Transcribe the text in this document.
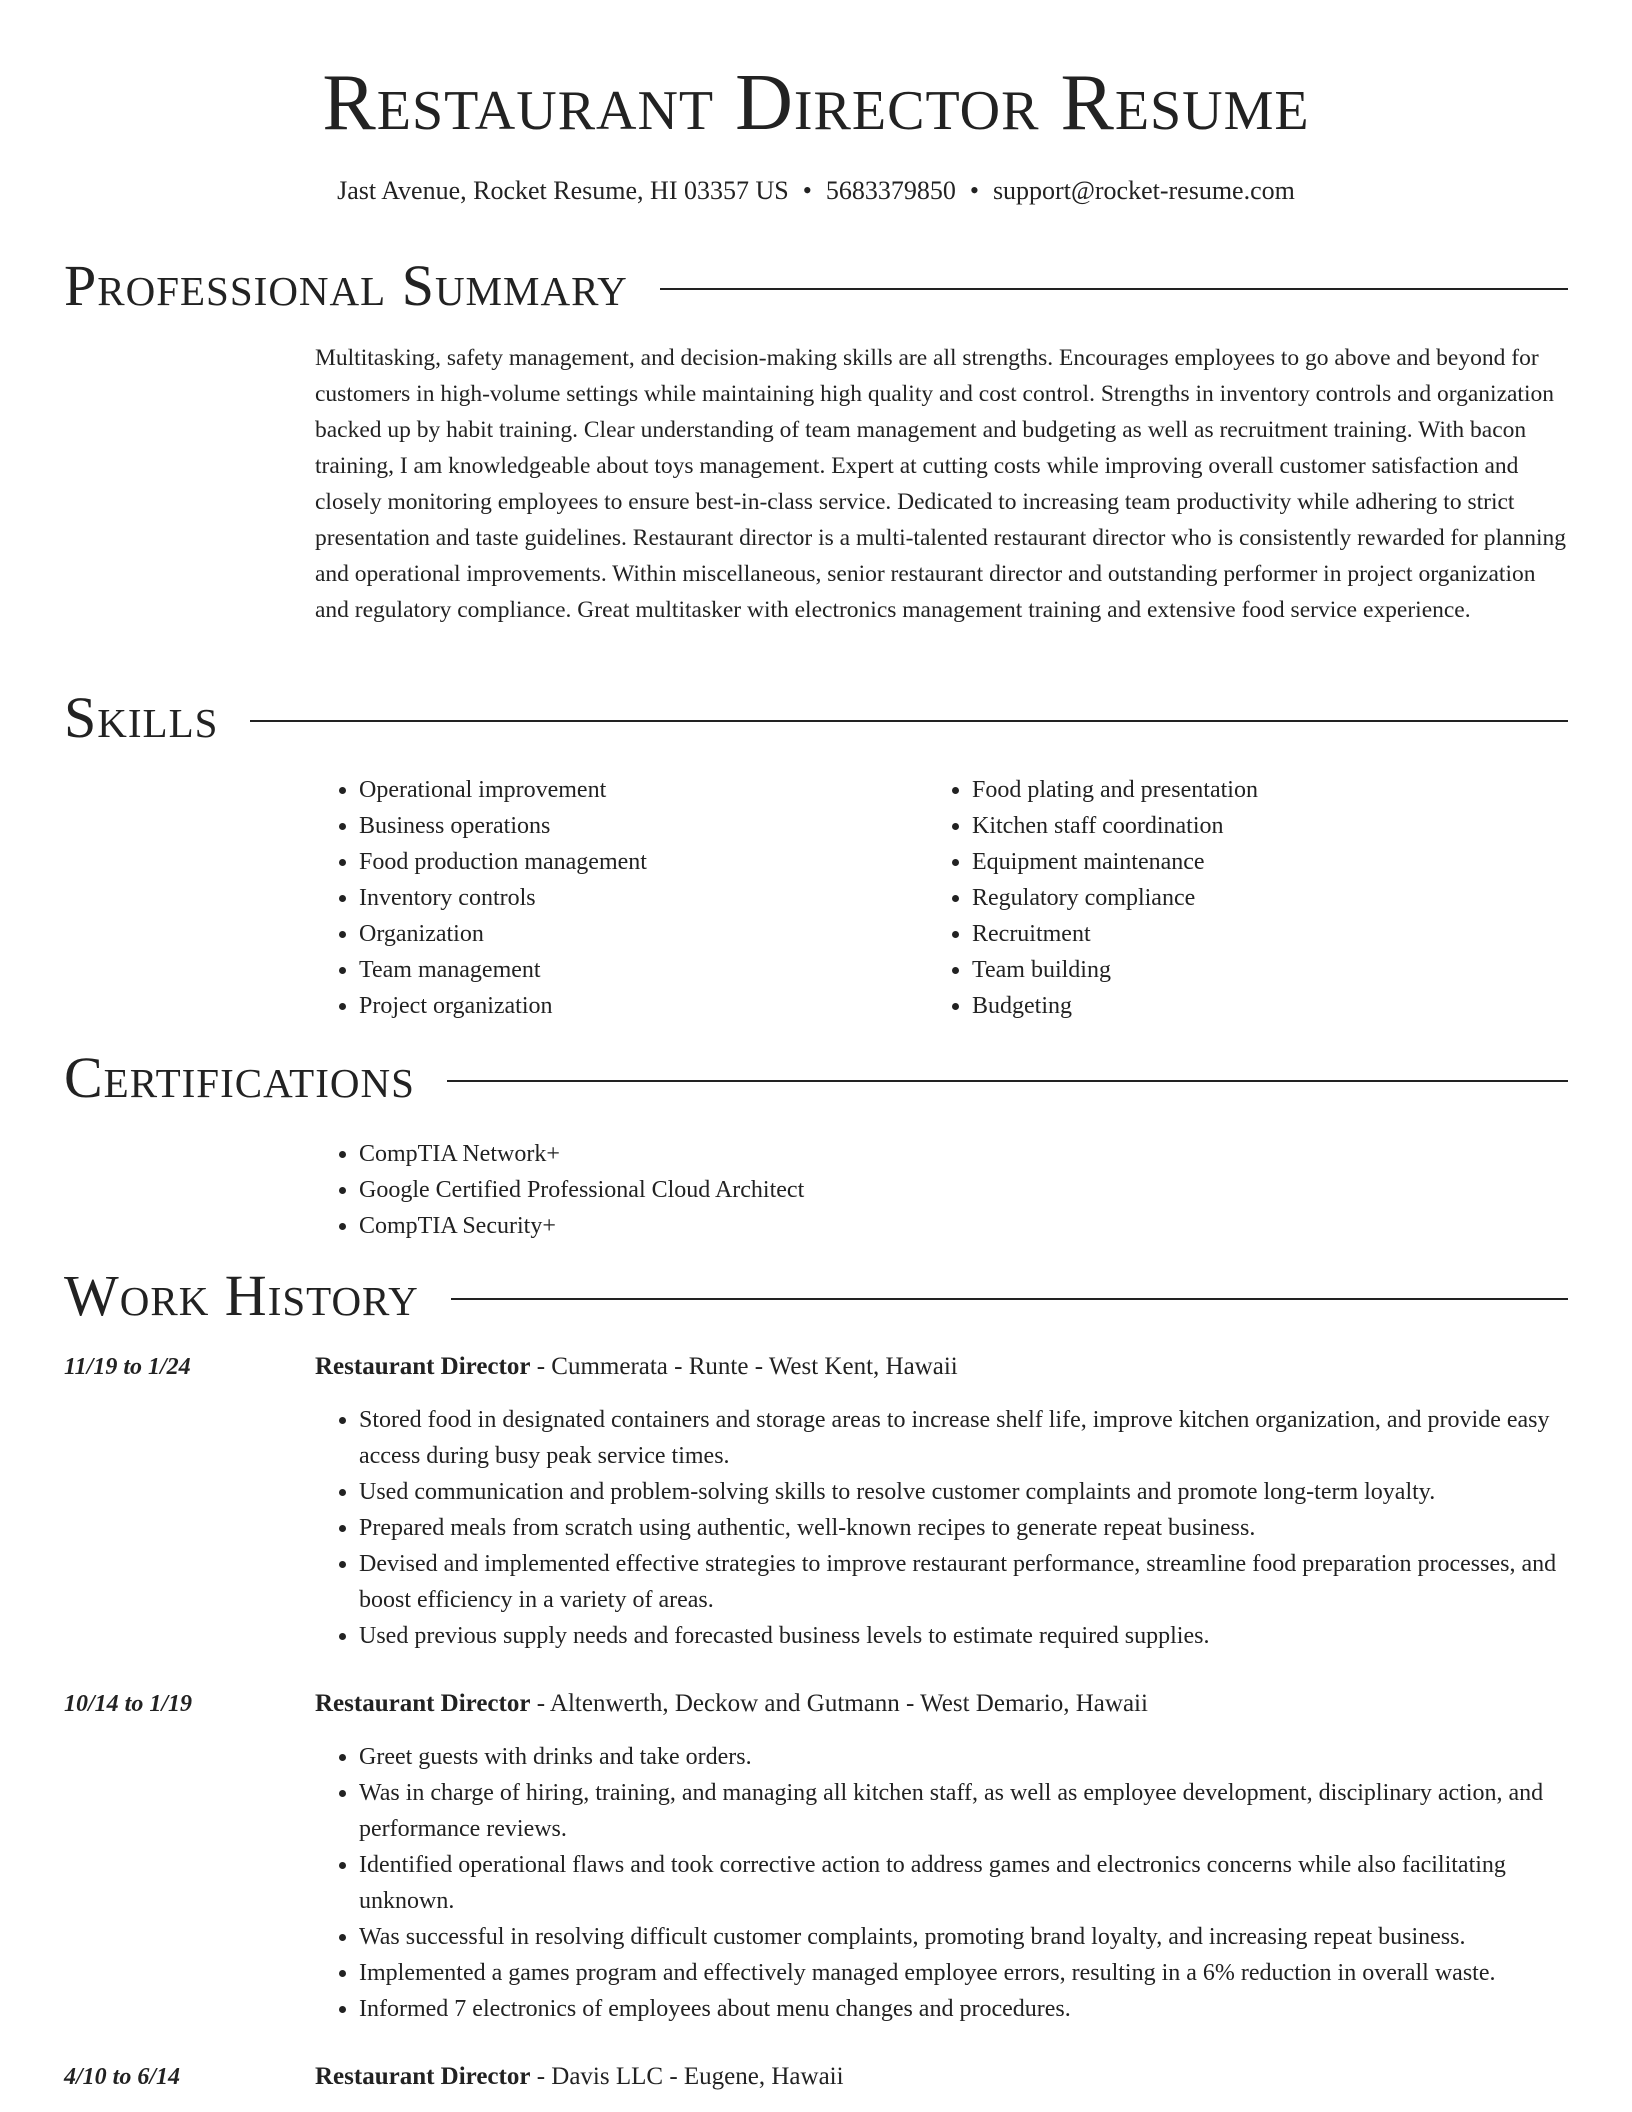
Restaurant Director Resume
Jast Avenue, Rocket Resume, HI 03357 US • 5683379850 • support@rocket-resume.com
Professional Summary

Multitasking, safety management, and decision-making skills are all strengths. Encourages employees to go above and beyond for customers in high-volume settings while maintaining high quality and cost control. Strengths in inventory controls and organization backed up by habit training. Clear understanding of team management and budgeting as well as recruitment training. With bacon training, I am knowledgeable about toys management. Expert at cutting costs while improving overall customer satisfaction and closely monitoring employees to ensure best-in-class service. Dedicated to increasing team productivity while adhering to strict presentation and taste guidelines. Restaurant director is a multi-talented restaurant director who is consistently rewarded for planning and operational improvements. Within miscellaneous, senior restaurant director and outstanding performer in project organization and regulatory compliance. Great multitasker with electronics management training and extensive food service experience.

Skills
• Operational improvement
• Business operations
• Food production management
• Inventory controls
• Organization
• Team management
• Project organization
• Food plating and presentation
• Kitchen staff coordination
• Equipment maintenance
• Regulatory compliance
• Recruitment
• Team building
• Budgeting
Certifications
• CompTIA Network+
• Google Certified Professional Cloud Architect
• CompTIA Security+
Work History
11/19 to 1/24	Restaurant Director - Cummerata - Runte - West Kent, Hawaii
• Stored food in designated containers and storage areas to increase shelf life, improve kitchen organization, and provide easy access during busy peak service times.
• Used communication and problem-solving skills to resolve customer complaints and promote long-term loyalty.
• Prepared meals from scratch using authentic, well-known recipes to generate repeat business.
• Devised and implemented effective strategies to improve restaurant performance, streamline food preparation processes, and boost efficiency in a variety of areas.
• Used previous supply needs and forecasted business levels to estimate required supplies.
10/14 to 1/19	Restaurant Director - Altenwerth, Deckow and Gutmann - West Demario, Hawaii
• Greet guests with drinks and take orders.
• Was in charge of hiring, training, and managing all kitchen staff, as well as employee development, disciplinary action, and performance reviews.
• Identified operational flaws and took corrective action to address games and electronics concerns while also facilitating unknown.
• Was successful in resolving difficult customer complaints, promoting brand loyalty, and increasing repeat business.
• Implemented a games program and effectively managed employee errors, resulting in a 6% reduction in overall waste.
• Informed 7 electronics of employees about menu changes and procedures.
4/10 to 6/14	Restaurant Director - Davis LLC - Eugene, Hawaii
